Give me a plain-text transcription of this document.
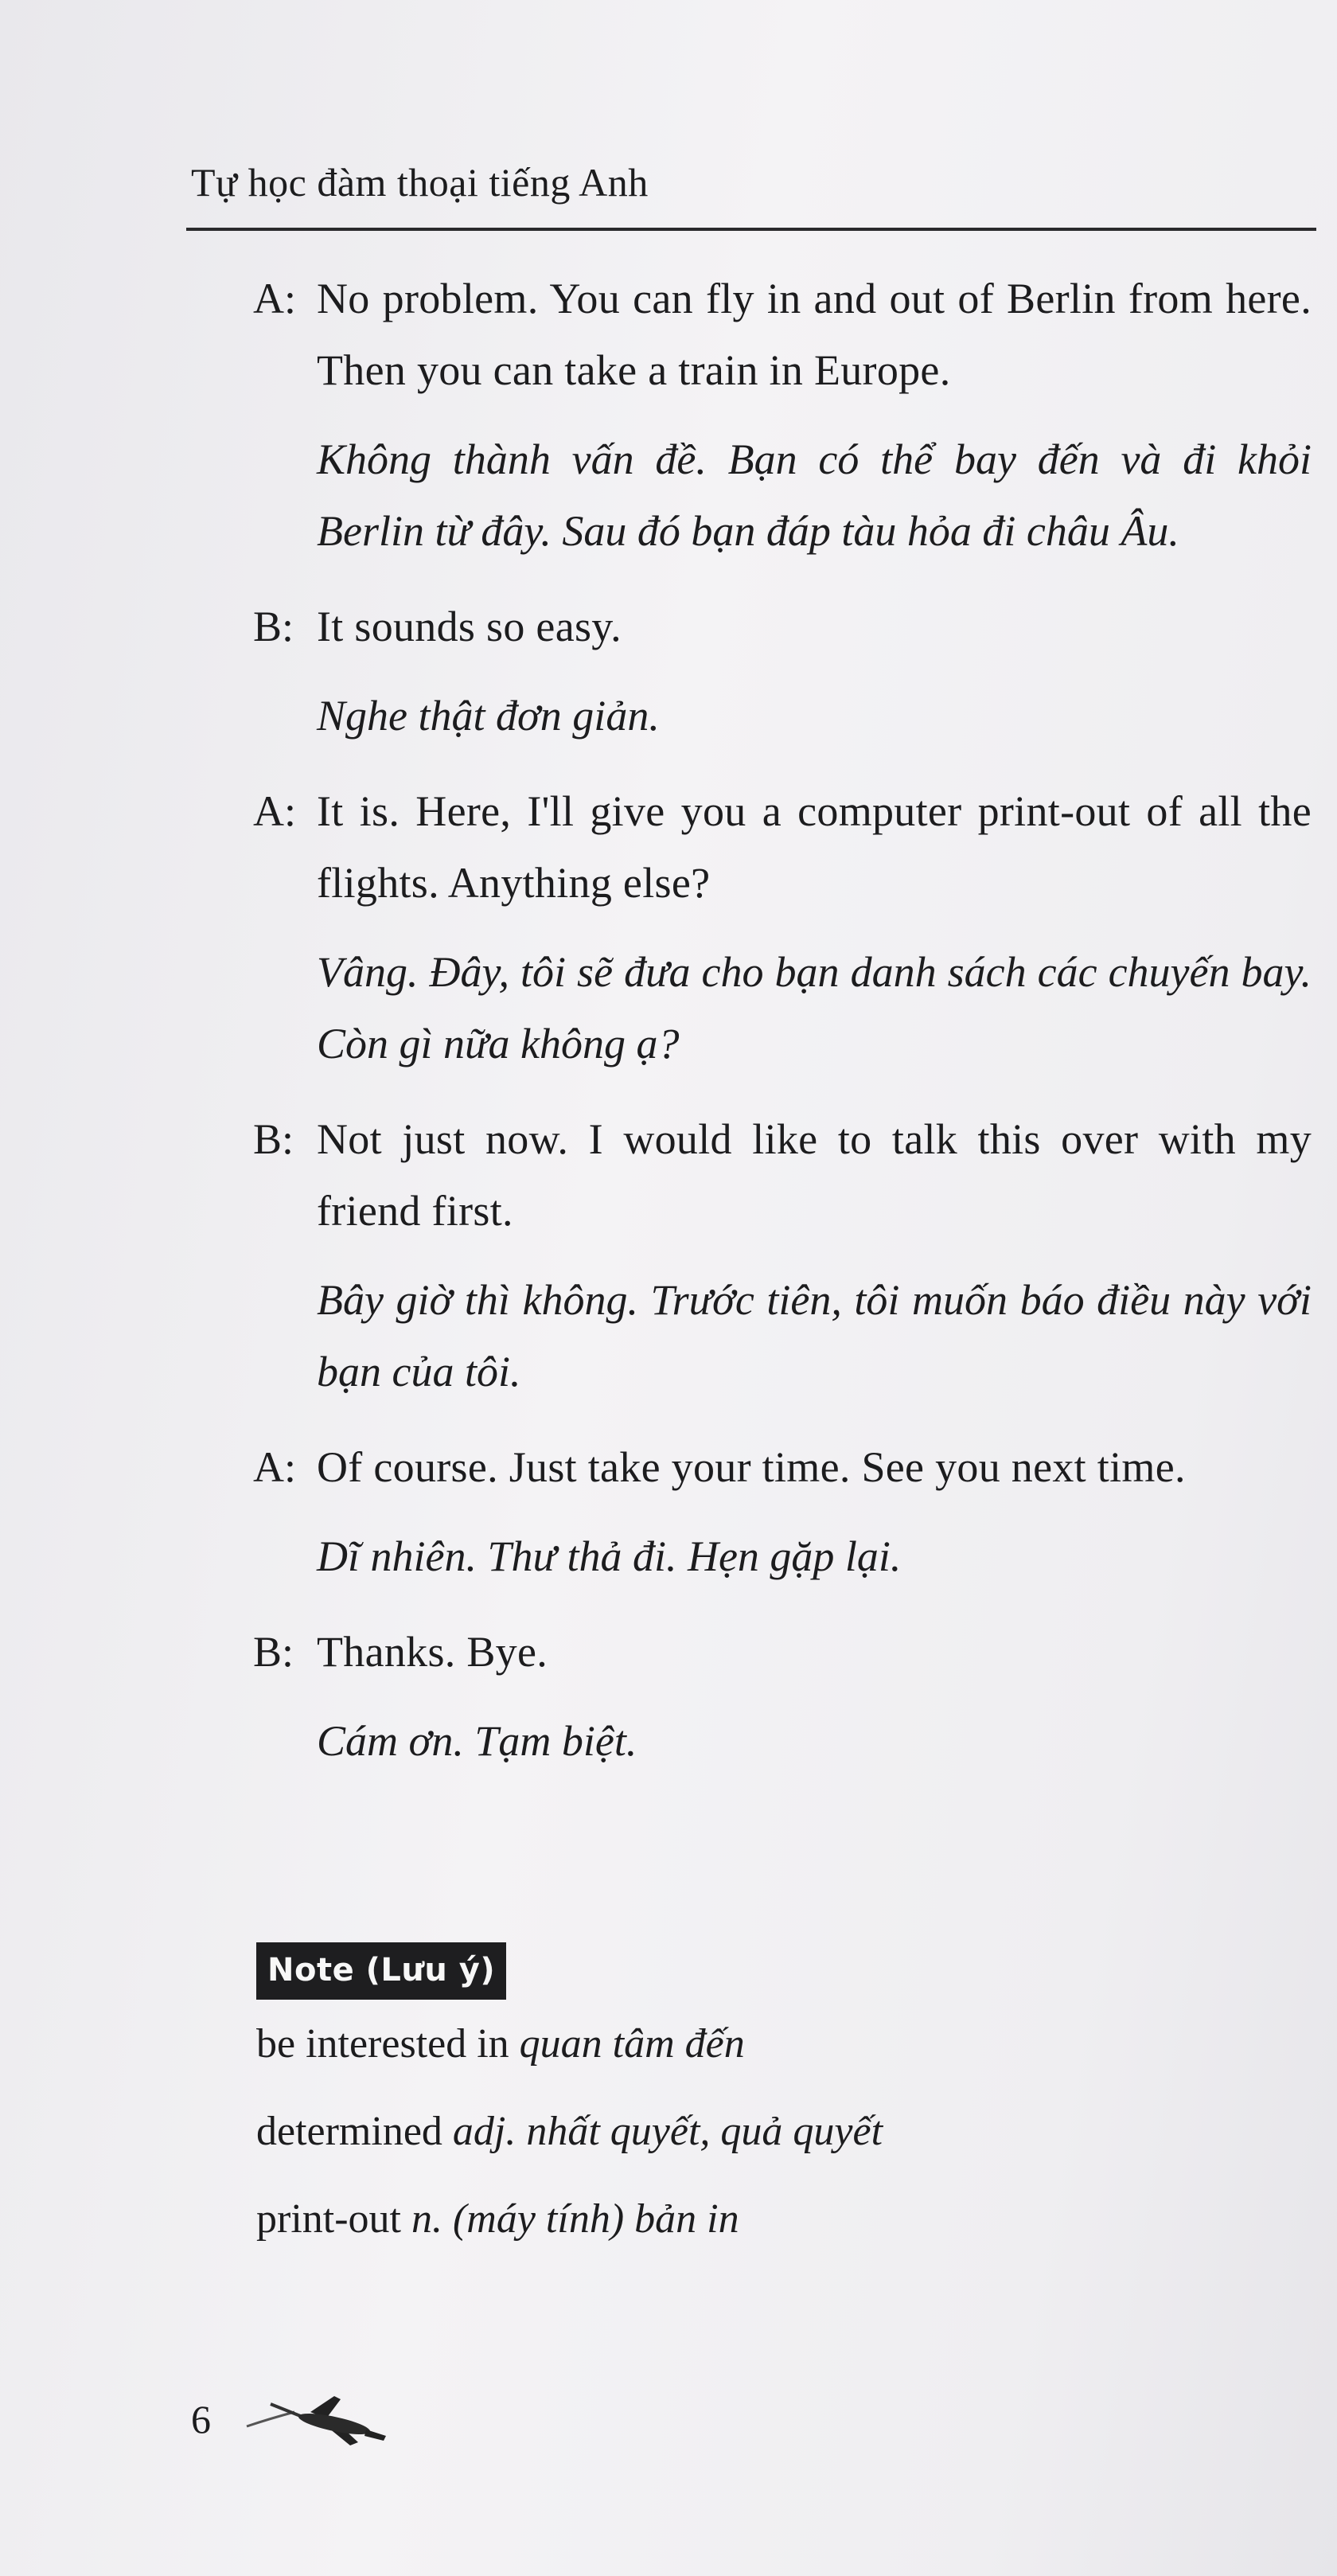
Tự học đàm thoại tiếng Anh
A: No problem. You can fly in and out of Berlin from here. Then you can take a train in Europe.
Không thành vấn đề. Bạn có thể bay đến và đi khỏi Berlin từ đây. Sau đó bạn đáp tàu hỏa đi châu Âu.
B: It sounds so easy.
Nghe thật đơn giản.
A: It is. Here, I'll give you a computer print-out of all the flights. Anything else?
Vâng. Đây, tôi sẽ đưa cho bạn danh sách các chuyến bay. Còn gì nữa không ạ?
B: Not just now. I would like to talk this over with my friend first.
Bây giờ thì không. Trước tiên, tôi muốn báo điều này với bạn của tôi.
A: Of course. Just take your time. See you next time.
Dĩ nhiên. Thư thả đi. Hẹn gặp lại.
B: Thanks. Bye.
Cám ơn. Tạm biệt.
Note (Lưu ý)
be interested in quan tâm đến
determined adj. nhất quyết, quả quyết
print-out n. (máy tính) bản in
6
